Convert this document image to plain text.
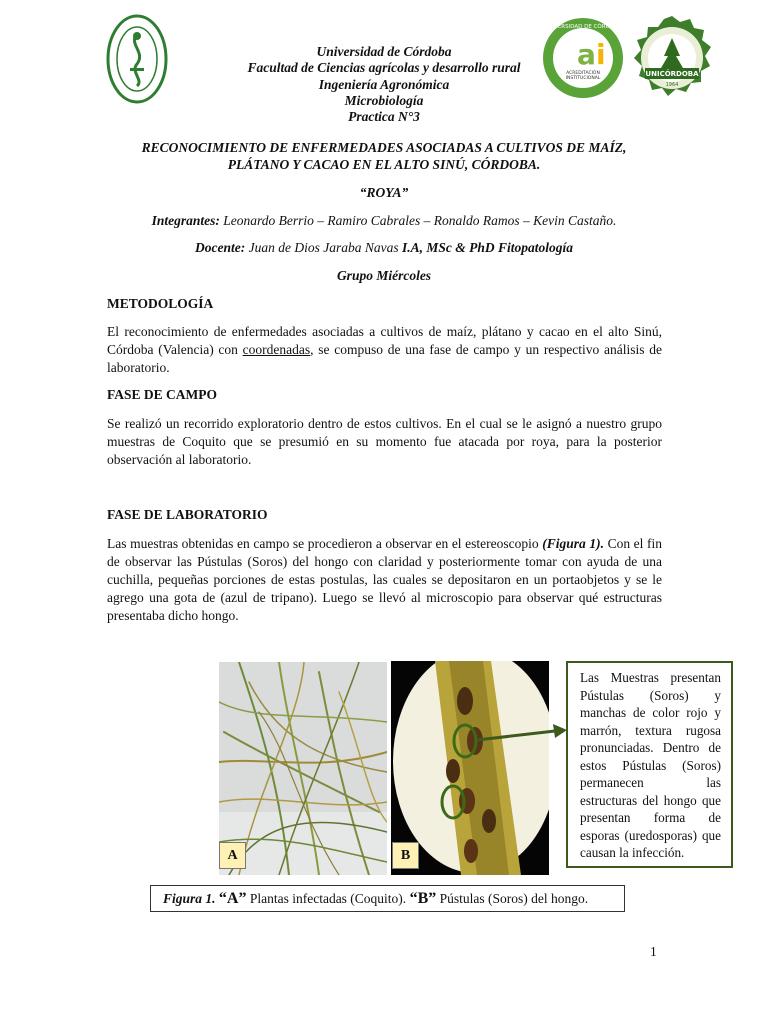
a i
ACREDITACIÓN
INSTITUCIONAL
UNIVERSIDAD DE CÓRDOBA
UNICÓRDOBA
1964
Universidad de Córdoba
Facultad de Ciencias agrícolas y desarrollo rural
Ingeniería Agronómica
Microbiología
Practica N°3
RECONOCIMIENTO DE ENFERMEDADES ASOCIADAS A CULTIVOS DE MAÍZ,
PLÁTANO Y CACAO EN EL ALTO SINÚ, CÓRDOBA.
“ROYA”
Integrantes: Leonardo Berrio – Ramiro Cabrales – Ronaldo Ramos – Kevin Castaño.
Docente: Juan de Dios Jaraba Navas I.A, MSc & PhD Fitopatología
Grupo Miércoles
METODOLOGÍA
El reconocimiento de enfermedades asociadas a cultivos de maíz, plátano y cacao en el alto Sinú, Córdoba (Valencia) con coordenadas, se compuso de una fase de campo y un respectivo análisis de laboratorio.
FASE DE CAMPO
Se realizó un recorrido exploratorio dentro de estos cultivos. En el cual se le asignó a nuestro grupo muestras de Coquito que se presumió en su momento fue atacada por roya, para la posterior observación al laboratorio.
FASE DE LABORATORIO
Las muestras obtenidas en campo se procedieron a observar en el estereoscopio (Figura 1). Con el fin de observar las Pústulas (Soros) del hongo con claridad y posteriormente tomar con ayuda de una cuchilla, pequeñas porciones de estas postulas, las cuales se depositaron en un portaobjetos y se le agrego una gota de (azul de tripano). Luego se llevó al microscopio para observar qué estructuras presentaba dicho hongo.
A	B
Las Muestras presentan Pústulas (Soros) y manchas de color rojo y marrón, textura rugosa pronunciadas. Dentro de estos Pústulas (Soros) permanecen las estructuras del hongo que presentan forma de esporas (uredosporas) que causan la infección.
Figura 1. “A” Plantas infectadas (Coquito). “B” Pústulas (Soros) del hongo.
1
